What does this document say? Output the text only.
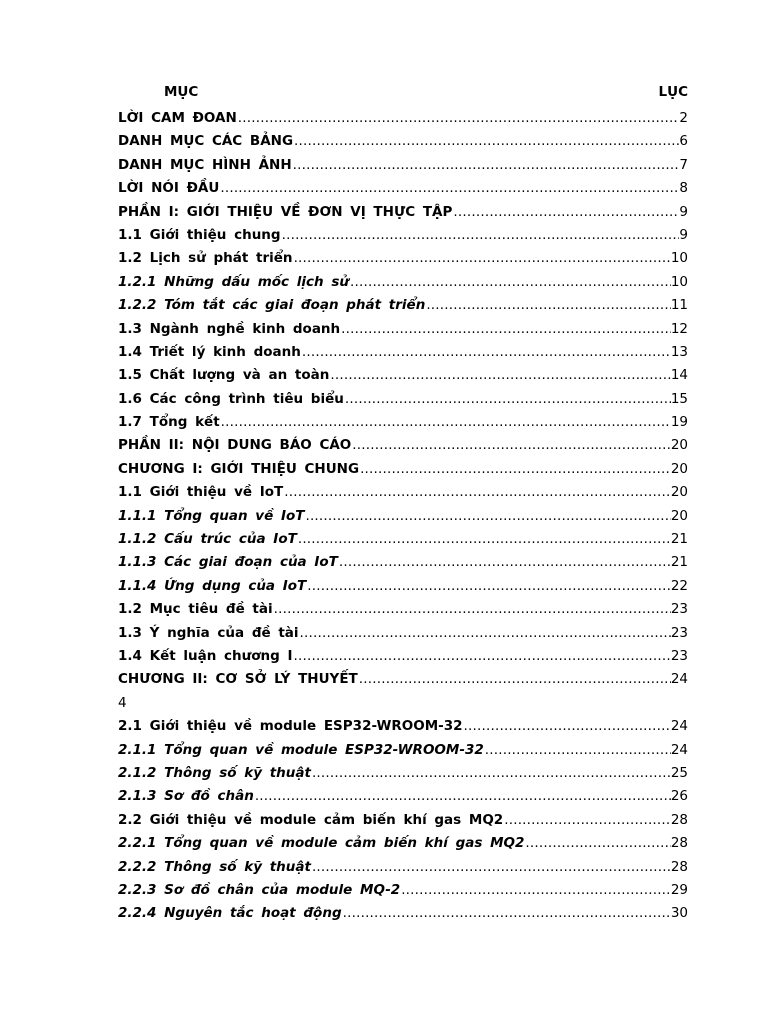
MỤC	LỤC
LỜI CAM ĐOAN .....	2
DANH MỤC CÁC BẢNG .....	6
DANH MỤC HÌNH ẢNH .....	7
LỜI NÓI ĐẦU .....	8
PHẦN I: GIỚI THIỆU VỀ ĐƠN VỊ THỰC TẬP .....	9
1.1 Giới thiệu chung .....	9
1.2 Lịch sử phát triển .....	10
1.2.1 Những dấu mốc lịch sử .....	10
1.2.2 Tóm tắt các giai đoạn phát triển .....	11
1.3 Ngành nghề kinh doanh .....	12
1.4 Triết lý kinh doanh .....	13
1.5 Chất lượng và an toàn .....	14
1.6 Các công trình tiêu biểu .....	15
1.7 Tổng kết .....	19
PHẦN II: NỘI DUNG BÁO CÁO .....	20
CHƯƠNG I: GIỚI THIỆU CHUNG .....	20
1.1 Giới thiệu về IoT .....	20
1.1.1 Tổng quan về IoT .....	20
1.1.2 Cấu trúc của IoT .....	21
1.1.3 Các giai đoạn của IoT .....	21
1.1.4 Ứng dụng của IoT .....	22
1.2 Mục tiêu đề tài .....	23
1.3 Ý nghĩa của đề tài .....	23
1.4 Kết luận chương I .....	23
CHƯƠNG II: CƠ SỞ LÝ THUYẾT .....	24
4
2.1 Giới thiệu về module ESP32-WROOM-32 .....	24
2.1.1 Tổng quan về module ESP32-WROOM-32 .....	24
2.1.2 Thông số kỹ thuật .....	25
2.1.3 Sơ đồ chân .....	26
2.2 Giới thiệu về module cảm biến khí gas MQ2 .....	28
2.2.1 Tổng quan về module cảm biến khí gas MQ2 .....	28
2.2.2 Thông số kỹ thuật .....	28
2.2.3 Sơ đồ chân của module MQ-2 .....	29
2.2.4 Nguyên tắc hoạt động .....	30
